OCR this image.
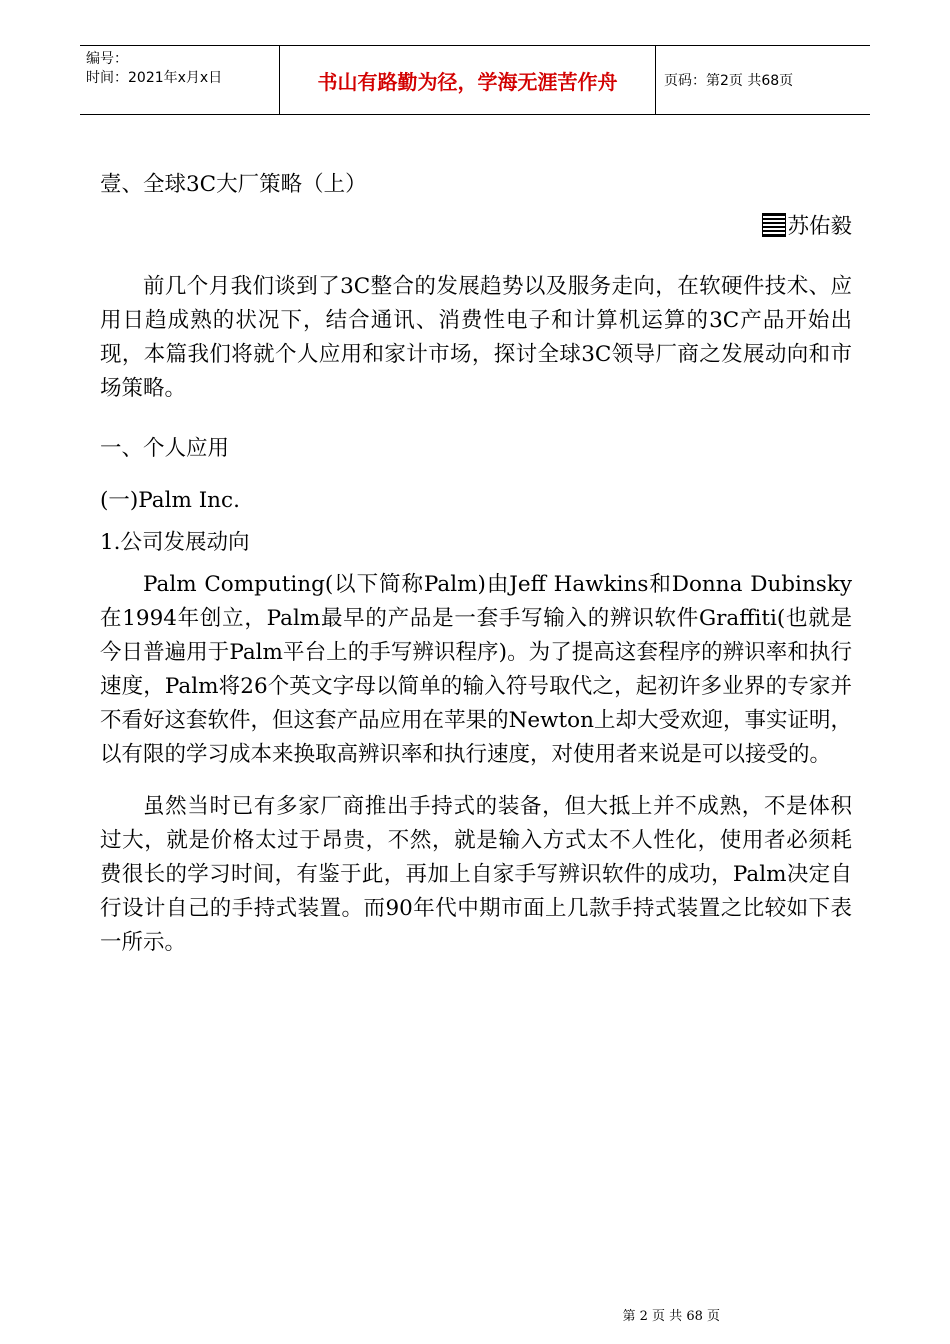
编号：
时间：2021年x月x日	书山有路勤为径，学海无涯苦作舟	页码：第2页 共68页

壹、全球3C大厂策略（上）

苏佑毅

前几个月我们谈到了3C整合的发展趋势以及服务走向，在软硬件技术、应用日趋成熟的状况下，结合通讯、消费性电子和计算机运算的3C产品开始出现，本篇我们将就个人应用和家计市场，探讨全球3C领导厂商之发展动向和市场策略。

一、个人应用

(一)Palm Inc.

1.公司发展动向

Palm Computing(以下简称Palm)由Jeff Hawkins和Donna Dubinsky在1994年创立，Palm最早的产品是一套手写输入的辨识软件Graffiti(也就是今日普遍用于Palm平台上的手写辨识程序)。为了提高这套程序的辨识率和执行速度，Palm将26个英文字母以简单的输入符号取代之，起初许多业界的专家并不看好这套软件，但这套产品应用在苹果的Newton上却大受欢迎，事实证明，以有限的学习成本来换取高辨识率和执行速度，对使用者来说是可以接受的。

虽然当时已有多家厂商推出手持式的装备，但大抵上并不成熟，不是体积过大，就是价格太过于昂贵，不然，就是输入方式太不人性化，使用者必须耗费很长的学习时间，有鉴于此，再加上自家手写辨识软件的成功，Palm决定自行设计自己的手持式装置。而90年代中期市面上几款手持式装置之比较如下表一所示。

第 2 页 共 68 页
